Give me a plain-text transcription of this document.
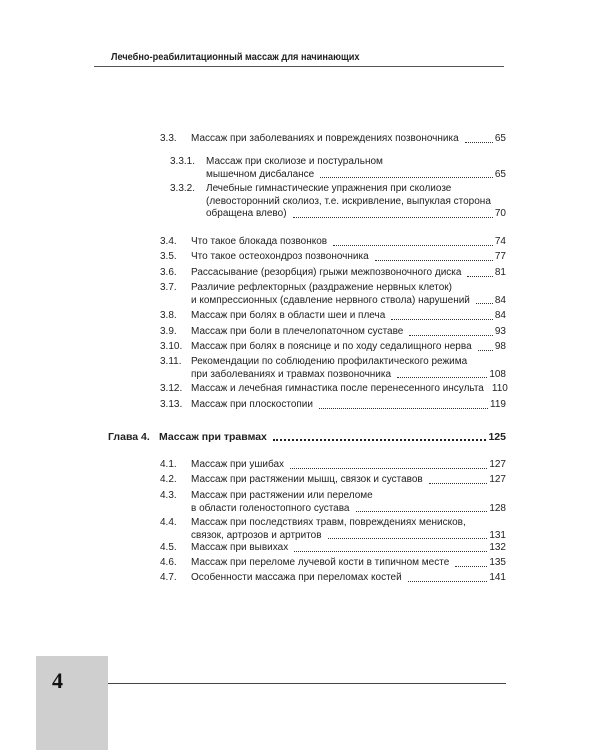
Лечебно-реабилитационный массаж для начинающих
3.3. Массаж при заболеваниях и повреждениях позвоночника	65
3.3.1. Массаж при сколиозе и постуральном
мышечном дисбалансе	65
3.3.2. Лечебные гимнастические упражнения при сколиозе
(левосторонний сколиоз, т.е. искривление, выпуклая сторона
обращена влево)	70
3.4. Что такое блокада позвонков	74
3.5. Что такое остеохондроз позвоночника	77
3.6. Рассасывание (резорбция) грыжи межпозвоночного диска	81
3.7. Различие рефлекторных (раздражение нервных клеток)
и компрессионных (сдавление нервного ствола) нарушений 84
3.8. Массаж при болях в области шеи и плеча	84
3.9. Массаж при боли в плечелопаточном суставе	93
3.10. Массаж при болях в пояснице и по ходу седалищного нерва 98
3.11. Рекомендации по соблюдению профилактического режима
при заболеваниях и травмах позвоночника	108
3.12. Массаж и лечебная гимнастика после перенесенного инсульта 110
3.13. Массаж при плоскостопии	119
Глава 4. Массаж при травмах	125
4.1. Массаж при ушибах	127
4.2. Массаж при растяжении мышц, связок и суставов	127
4.3. Массаж при растяжении или переломе
в области голеностопного сустава	128
4.4. Массаж при последствиях травм, повреждениях менисков,
связок, артрозов и артритов	131
4.5. Массаж при вывихах	132
4.6. Массаж при переломе лучевой кости в типичном месте	135
4.7. Особенности массажа при переломах костей	141
4
